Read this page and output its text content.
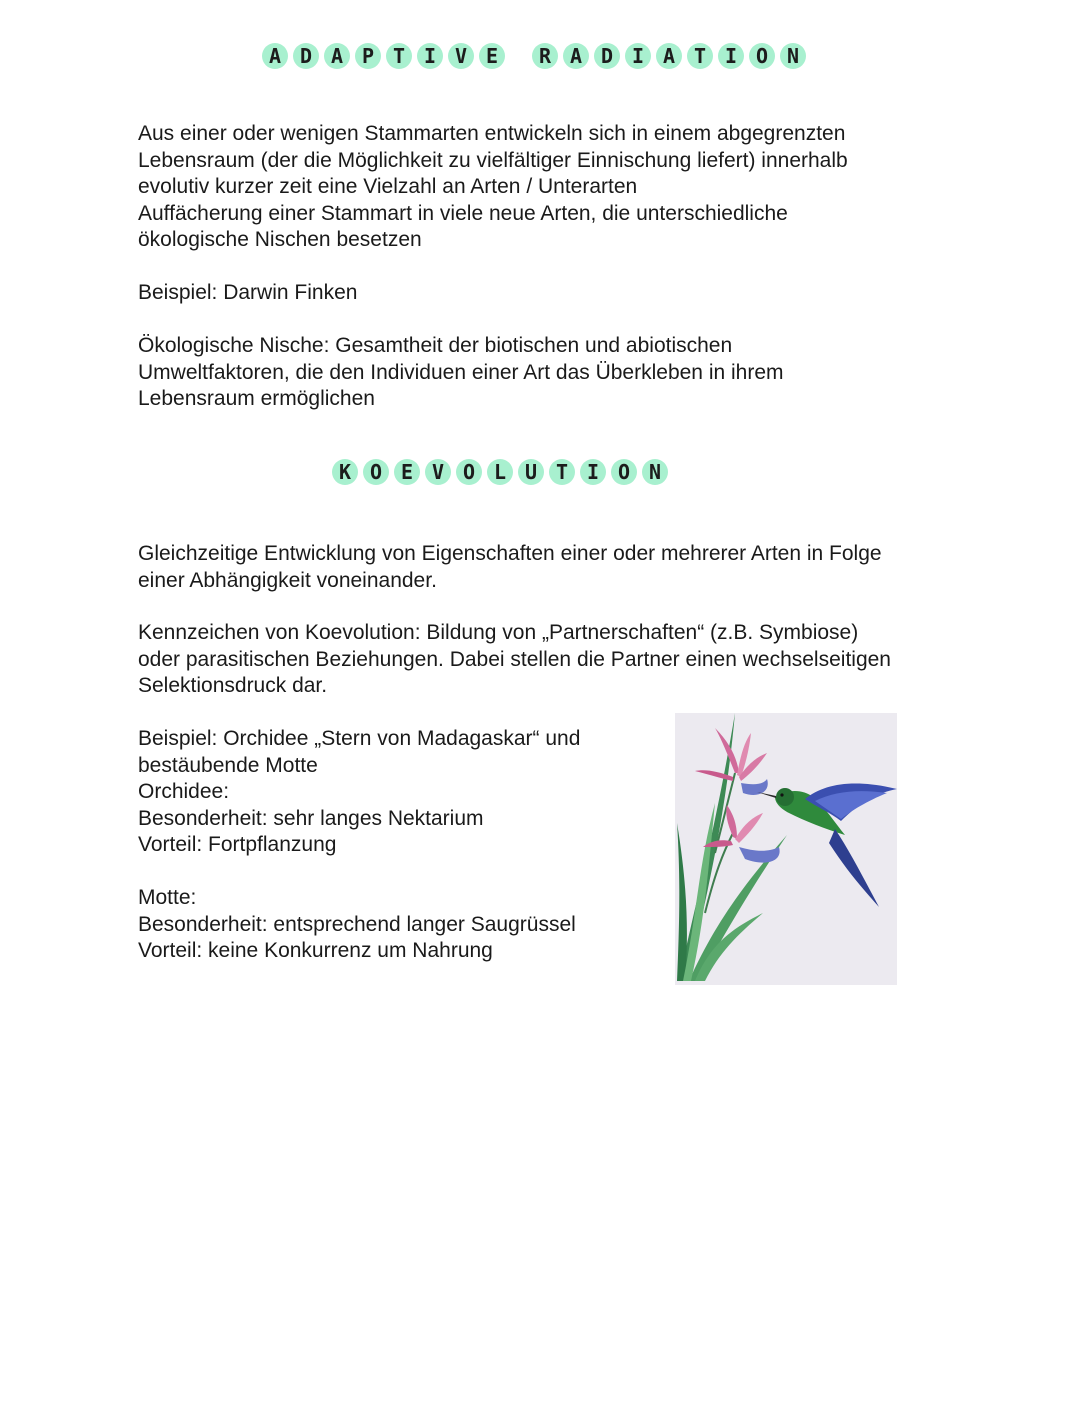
A D A P T I V E	R A D I A T I O N

Aus einer oder wenigen Stammarten entwickeln sich in einem abgegrenzten
Lebensraum (der die Möglichkeit zu vielfältiger Einnischung liefert) innerhalb
evolutiv kurzer zeit eine Vielzahl an Arten / Unterarten
Auffächerung einer Stammart in viele neue Arten, die unterschiedliche
ökologische Nischen besetzen

Beispiel: Darwin Finken

Ökologische Nische: Gesamtheit der biotischen und abiotischen
Umweltfaktoren, die den Individuen einer Art das Überkleben in ihrem
Lebensraum ermöglichen

K O E V O L U T I O N

Gleichzeitige Entwicklung von Eigenschaften einer oder mehrerer Arten in Folge
einer Abhängigkeit voneinander.

Kennzeichen von Koevolution: Bildung von „Partnerschaften“ (z.B. Symbiose)
oder parasitischen Beziehungen. Dabei stellen die Partner einen wechselseitigen
Selektionsdruck dar.

Beispiel: Orchidee „Stern von Madagaskar“ und
bestäubende Motte
Orchidee:
Besonderheit: sehr langes Nektarium
Vorteil: Fortpflanzung

Motte:
Besonderheit: entsprechend langer Saugrüssel
Vorteil: keine Konkurrenz um Nahrung
